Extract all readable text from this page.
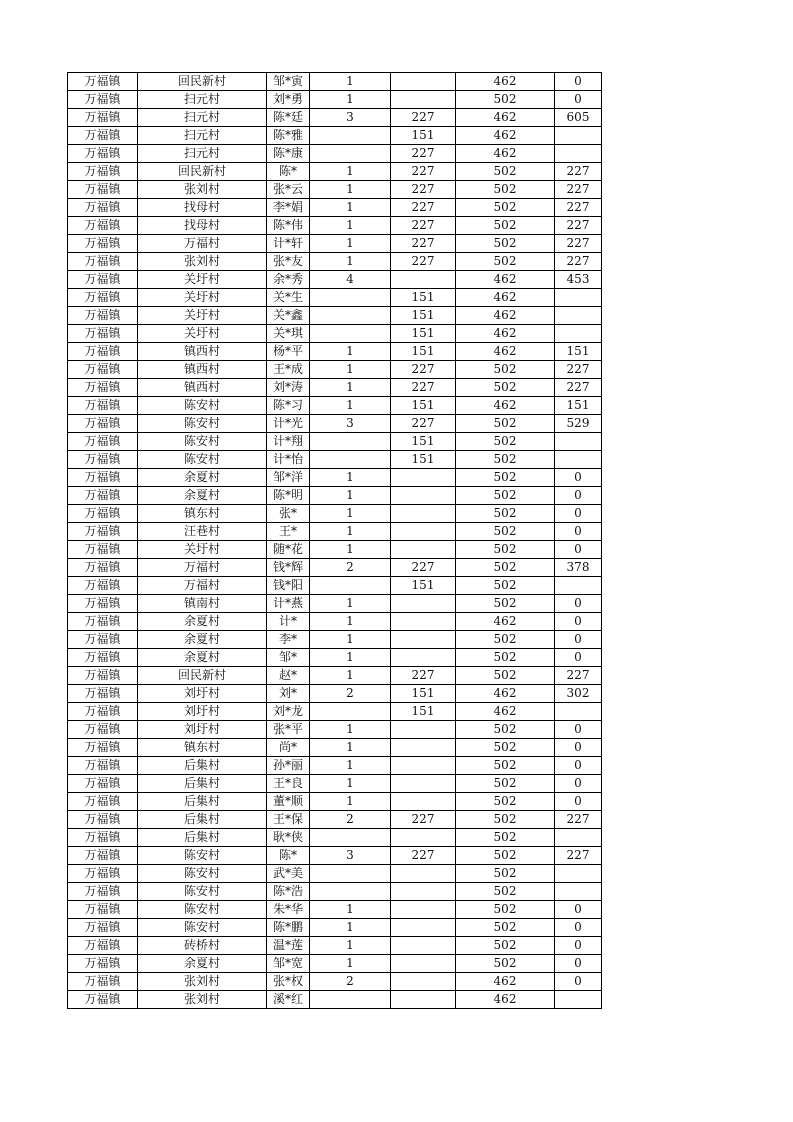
万福镇	回民新村	邹*寅	1		462	0
万福镇	扫元村	刘*勇	1		502	0
万福镇	扫元村	陈*廷	3	227	462	605
万福镇	扫元村	陈*雅		151	462	
万福镇	扫元村	陈*康		227	462	
万福镇	回民新村	陈*	1	227	502	227
万福镇	张刘村	张*云	1	227	502	227
万福镇	找母村	李*娟	1	227	502	227
万福镇	找母村	陈*伟	1	227	502	227
万福镇	万福村	计*轩	1	227	502	227
万福镇	张刘村	张*友	1	227	502	227
万福镇	关圩村	余*秀	4		462	453
万福镇	关圩村	关*生		151	462	
万福镇	关圩村	关*鑫		151	462	
万福镇	关圩村	关*琪		151	462	
万福镇	镇西村	杨*平	1	151	462	151
万福镇	镇西村	王*成	1	227	502	227
万福镇	镇西村	刘*涛	1	227	502	227
万福镇	陈安村	陈*习	1	151	462	151
万福镇	陈安村	计*光	3	227	502	529
万福镇	陈安村	计*翔		151	502	
万福镇	陈安村	计*怡		151	502	
万福镇	余夏村	邹*洋	1		502	0
万福镇	余夏村	陈*明	1		502	0
万福镇	镇东村	张*	1		502	0
万福镇	汪巷村	王*	1		502	0
万福镇	关圩村	随*花	1		502	0
万福镇	万福村	钱*辉	2	227	502	378
万福镇	万福村	钱*阳		151	502	
万福镇	镇南村	计*燕	1		502	0
万福镇	余夏村	计*	1		462	0
万福镇	余夏村	李*	1		502	0
万福镇	余夏村	邹*	1		502	0
万福镇	回民新村	赵*	1	227	502	227
万福镇	刘圩村	刘*	2	151	462	302
万福镇	刘圩村	刘*龙		151	462	
万福镇	刘圩村	张*平	1		502	0
万福镇	镇东村	尚*	1		502	0
万福镇	后集村	孙*丽	1		502	0
万福镇	后集村	王*良	1		502	0
万福镇	后集村	董*顺	1		502	0
万福镇	后集村	王*保	2	227	502	227
万福镇	后集村	耿*侠			502	
万福镇	陈安村	陈*	3	227	502	227
万福镇	陈安村	武*美			502	
万福镇	陈安村	陈*浩			502	
万福镇	陈安村	朱*华	1		502	0
万福镇	陈安村	陈*鹏	1		502	0
万福镇	砖桥村	温*莲	1		502	0
万福镇	余夏村	邹*宽	1		502	0
万福镇	张刘村	张*权	2		462	0
万福镇	张刘村	溪*红			462	
